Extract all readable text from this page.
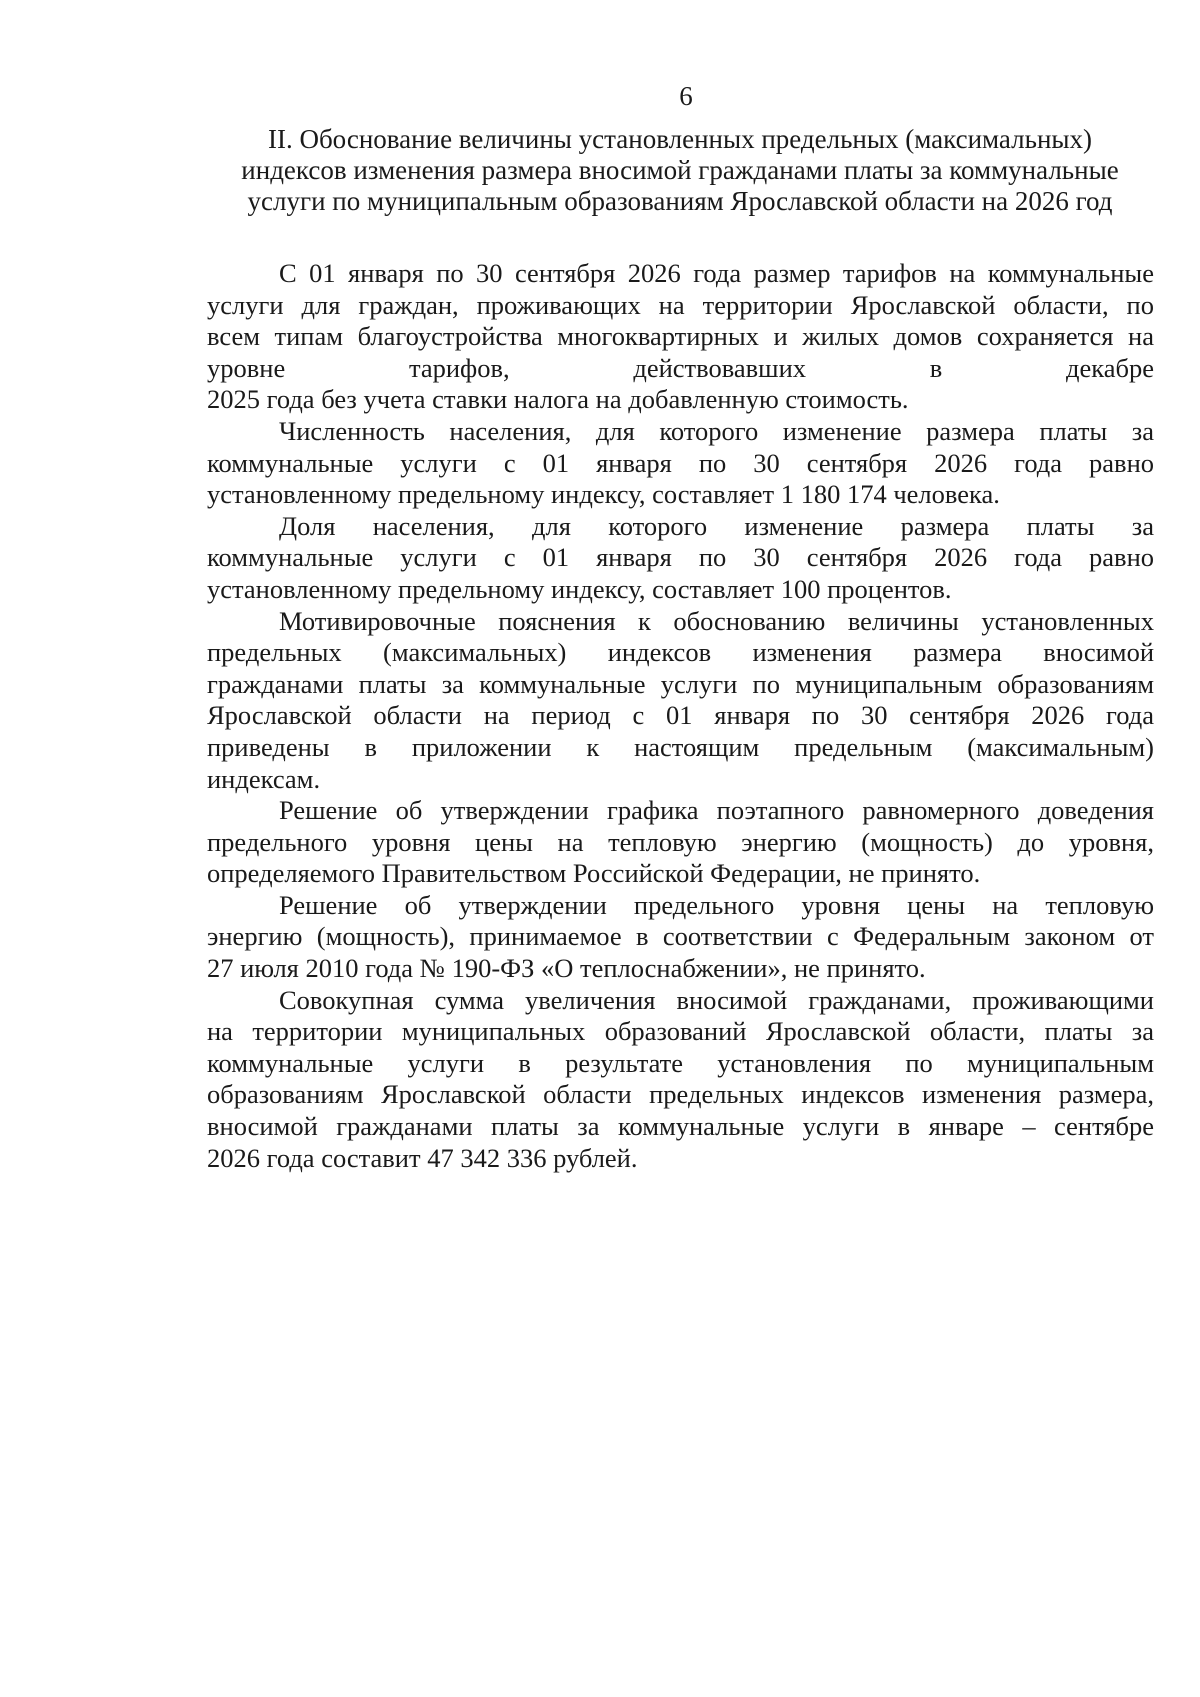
6
II. Обоснование величины установленных предельных (максимальных)
индексов изменения размера вносимой гражданами платы за коммунальные
услуги по муниципальным образованиям Ярославской области на 2026 год
С 01 января по 30 сентября 2026 года размер тарифов на коммунальные
услуги для граждан, проживающих на территории Ярославской области, по
всем типам благоустройства многоквартирных и жилых домов сохраняется на
уровне тарифов, действовавших в декабре
2025 года без учета ставки налога на добавленную стоимость.
Численность населения, для которого изменение размера платы за
коммунальные услуги с 01 января по 30 сентября 2026 года равно
установленному предельному индексу, составляет 1 180 174 человека.
Доля населения, для которого изменение размера платы за
коммунальные услуги с 01 января по 30 сентября 2026 года равно
установленному предельному индексу, составляет 100 процентов.
Мотивировочные пояснения к обоснованию величины установленных
предельных (максимальных) индексов изменения размера вносимой
гражданами платы за коммунальные услуги по муниципальным образованиям
Ярославской области на период с 01 января по 30 сентября 2026 года
приведены в приложении к настоящим предельным (максимальным)
индексам.
Решение об утверждении графика поэтапного равномерного доведения
предельного уровня цены на тепловую энергию (мощность) до уровня,
определяемого Правительством Российской Федерации, не принято.
Решение об утверждении предельного уровня цены на тепловую
энергию (мощность), принимаемое в соответствии с Федеральным законом от
27 июля 2010 года № 190-ФЗ «О теплоснабжении», не принято.
Совокупная сумма увеличения вносимой гражданами, проживающими
на территории муниципальных образований Ярославской области, платы за
коммунальные услуги в результате установления по муниципальным
образованиям Ярославской области предельных индексов изменения размера,
вносимой гражданами платы за коммунальные услуги в январе – сентябре
2026 года составит 47 342 336 рублей.
